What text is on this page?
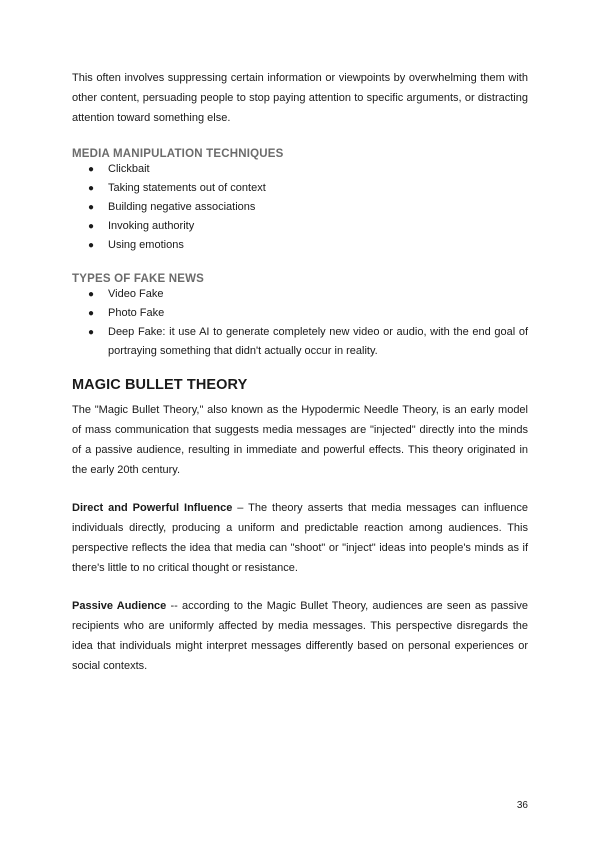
This often involves suppressing certain information or viewpoints by overwhelming them with other content, persuading people to stop paying attention to specific arguments, or distracting attention toward something else.

MEDIA MANIPULATION TECHNIQUES
● Clickbait
● Taking statements out of context
● Building negative associations
● Invoking authority
● Using emotions
TYPES OF FAKE NEWS
● Video Fake
● Photo Fake
● Deep Fake: it use AI to generate completely new video or audio, with the end goal of portraying something that didn't actually occur in reality.
MAGIC BULLET THEORY

The "Magic Bullet Theory," also known as the Hypodermic Needle Theory, is an early model of mass communication that suggests media messages are "injected" directly into the minds of a passive audience, resulting in immediate and powerful effects. This theory originated in the early 20th century.

Direct and Powerful Influence – The theory asserts that media messages can influence individuals directly, producing a uniform and predictable reaction among audiences. This perspective reflects the idea that media can "shoot" or "inject" ideas into people's minds as if there's little to no critical thought or resistance.

Passive Audience -- according to the Magic Bullet Theory, audiences are seen as passive recipients who are uniformly affected by media messages. This perspective disregards the idea that individuals might interpret messages differently based on personal experiences or social contexts.

36
